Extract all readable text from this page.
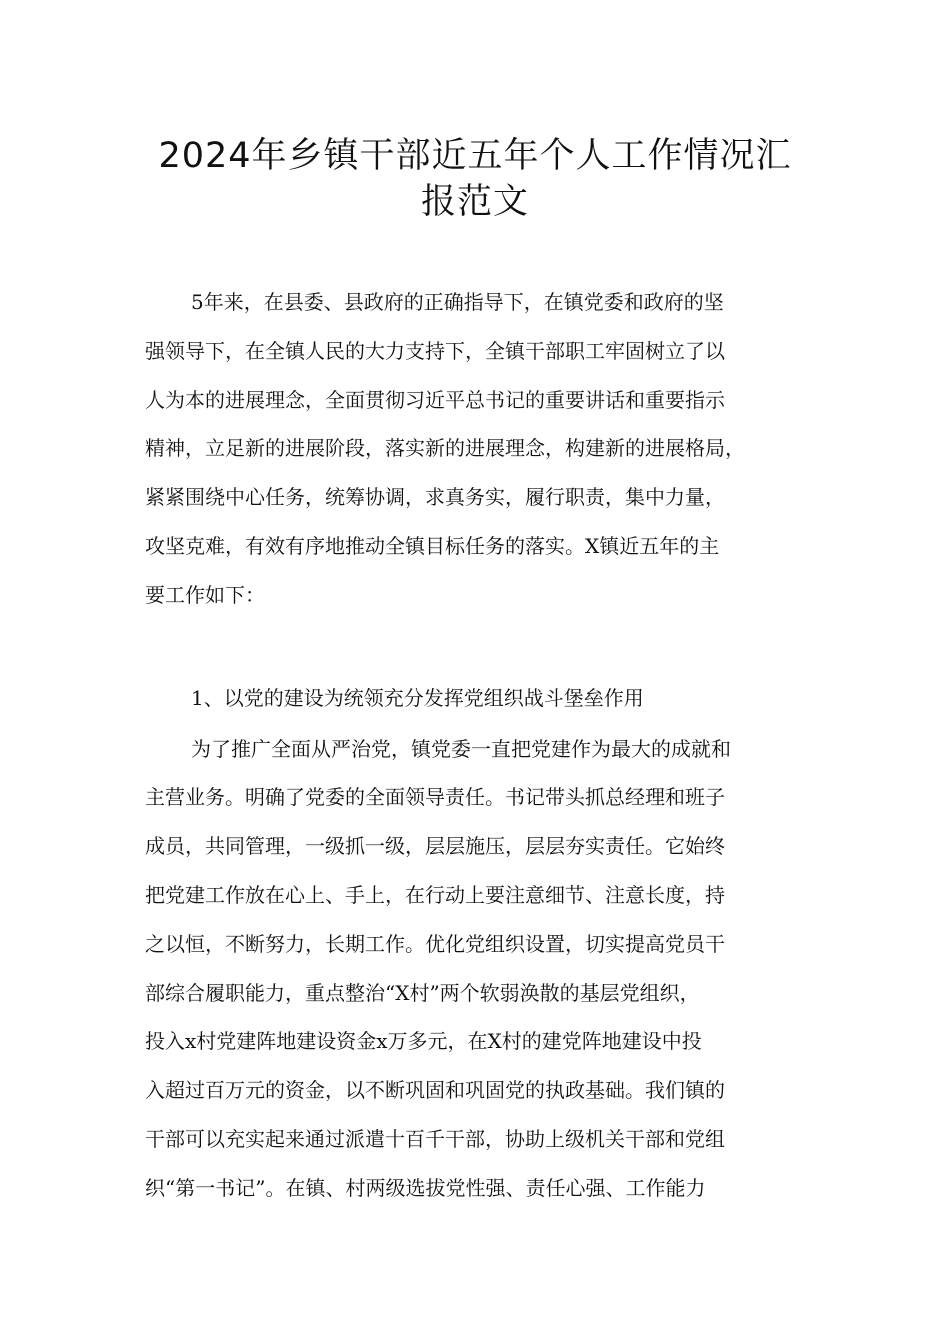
2024年乡镇干部近五年个人工作情况汇
报范文
5年来，在县委、县政府的正确指导下，在镇党委和政府的坚
强领导下，在全镇人民的大力支持下，全镇干部职工牢固树立了以
人为本的进展理念，全面贯彻习近平总书记的重要讲话和重要指示
精神，立足新的进展阶段，落实新的进展理念，构建新的进展格局，
紧紧围绕中心任务，统筹协调，求真务实，履行职责，集中力量，
攻坚克难，有效有序地推动全镇目标任务的落实。X镇近五年的主
要工作如下：
1、以党的建设为统领充分发挥党组织战斗堡垒作用
为了推广全面从严治党，镇党委一直把党建作为最大的成就和
主营业务。明确了党委的全面领导责任。书记带头抓总经理和班子
成员，共同管理，一级抓一级，层层施压，层层夯实责任。它始终
把党建工作放在心上、手上，在行动上要注意细节、注意长度，持
之以恒，不断努力，长期工作。优化党组织设置，切实提高党员干
部综合履职能力，重点整治“X村”两个软弱涣散的基层党组织，
投入x村党建阵地建设资金x万多元，在X村的建党阵地建设中投
入超过百万元的资金，以不断巩固和巩固党的执政基础。我们镇的
干部可以充实起来通过派遣十百千干部，协助上级机关干部和党组
织“第一书记”。在镇、村两级选拔党性强、责任心强、工作能力
